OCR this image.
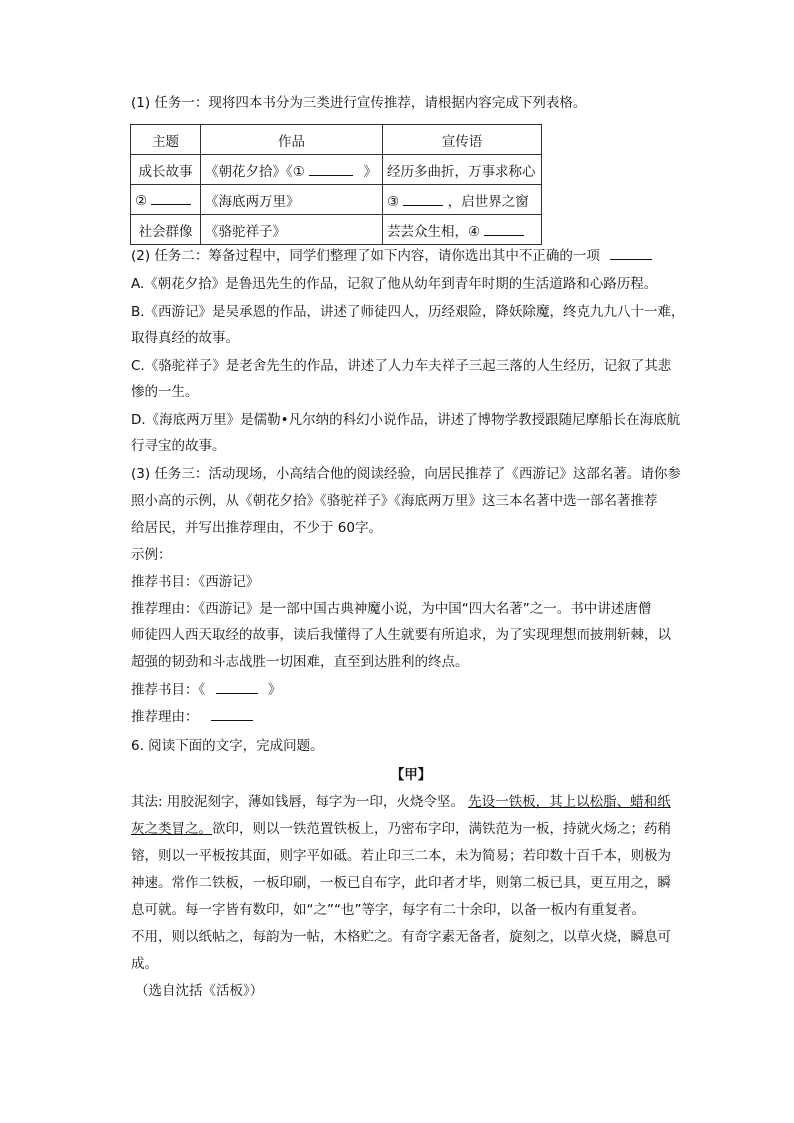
(1) 任务一：现将四本书分为三类进行宣传推荐，请根据内容完成下列表格。
主题	作品	宣传语
成长故事	《朝花夕拾》《① 》	经历多曲折，万事求称心
②	《海底两万里》	③ ，启世界之窗
社会群像	《骆驼祥子》	芸芸众生相，④
(2) 任务二：筹备过程中，同学们整理了如下内容，请你选出其中不正确的一项
A.《朝花夕拾》是鲁迅先生的作品，记叙了他从幼年到青年时期的生活道路和心路历程。
B.《西游记》是吴承恩的作品，讲述了师徒四人，历经艰险，降妖除魔，终克九九八十一难，
取得真经的故事。
C.《骆驼祥子》是老舍先生的作品，讲述了人力车夫祥子三起三落的人生经历，记叙了其悲
惨的一生。
D.《海底两万里》是儒勒•凡尔纳的科幻小说作品，讲述了博物学教授跟随尼摩船长在海底航
行寻宝的故事。
(3) 任务三：活动现场，小高结合他的阅读经验，向居民推荐了《西游记》这部名著。请你参
照小高的示例，从《朝花夕拾》《骆驼祥子》《海底两万里》这三本名著中选一部名著推荐
给居民，并写出推荐理由，不少于 60字。
示例：
推荐书目：《西游记》
推荐理由：《西游记》是一部中国古典神魔小说，为中国“四大名著”之一。书中讲述唐僧
师徒四人西天取经的故事，读后我懂得了人生就要有所追求，为了实现理想而披荆斩棘，以
超强的韧劲和斗志战胜一切困难，直至到达胜利的终点。
推荐书目：《	》
推荐理由：
6. 阅读下面的文字，完成问题。
【甲】
其法: 用胶泥刻字，薄如钱唇，每字为一印，火烧令坚。 先设一铁板，其上以松脂、蜡和纸
灰之类冒之。欲印，则以一铁范置铁板上，乃密布字印，满铁范为一板，持就火炀之；药稍
镕，则以一平板按其面，则字平如砥。若止印三二本，未为简易；若印数十百千本，则极为
神速。常作二铁板，一板印刷，一板已自布字，此印者才毕，则第二板已具，更互用之，瞬
息可就。每一字皆有数印，如“之”“也”等字，每字有二十余印，以备一板内有重复者。
不用，则以纸帖之，每韵为一帖，木格贮之。有奇字素无备者，旋刻之，以草火烧，瞬息可
成。
（选自沈括《活板》）
